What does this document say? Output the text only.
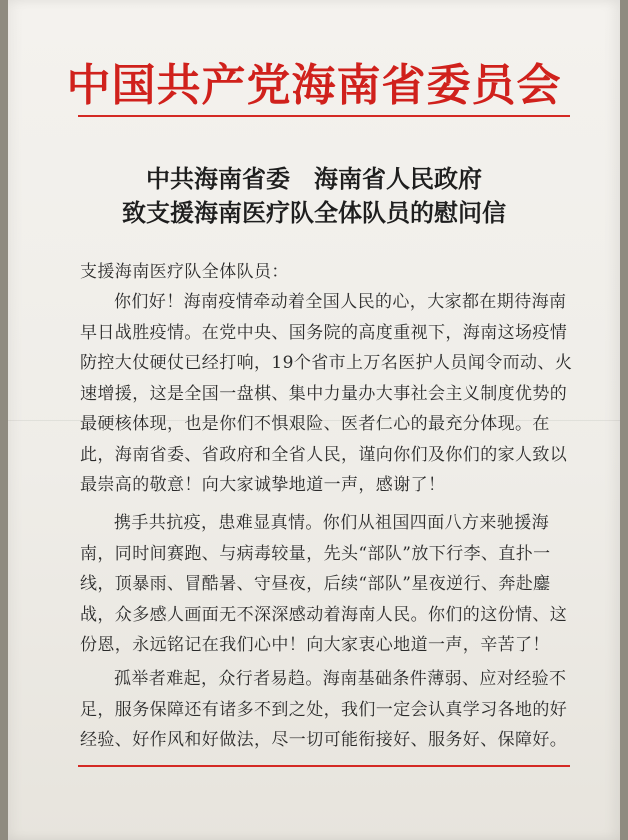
中国共产党海南省委员会
中共海南省委　海南省人民政府
致支援海南医疗队全体队员的慰问信
支援海南医疗队全体队员：

你们好！海南疫情牵动着全国人民的心，大家都在期待海南早日战胜疫情。在党中央、国务院的高度重视下，海南这场疫情防控大仗硬仗已经打响，19个省市上万名医护人员闻令而动、火速增援，这是全国一盘棋、集中力量办大事社会主义制度优势的最硬核体现，也是你们不惧艰险、医者仁心的最充分体现。在此，海南省委、省政府和全省人民，谨向你们及你们的家人致以最崇高的敬意！向大家诚挚地道一声，感谢了！

携手共抗疫，患难显真情。你们从祖国四面八方来驰援海南，同时间赛跑、与病毒较量，先头“部队”放下行李、直扑一线，顶暴雨、冒酷暑、守昼夜，后续“部队”星夜逆行、奔赴鏖战，众多感人画面无不深深感动着海南人民。你们的这份情、这份恩，永远铭记在我们心中！向大家衷心地道一声，辛苦了！

孤举者难起，众行者易趋。海南基础条件薄弱、应对经验不足，服务保障还有诸多不到之处，我们一定会认真学习各地的好经验、好作风和好做法，尽一切可能衔接好、服务好、保障好。
